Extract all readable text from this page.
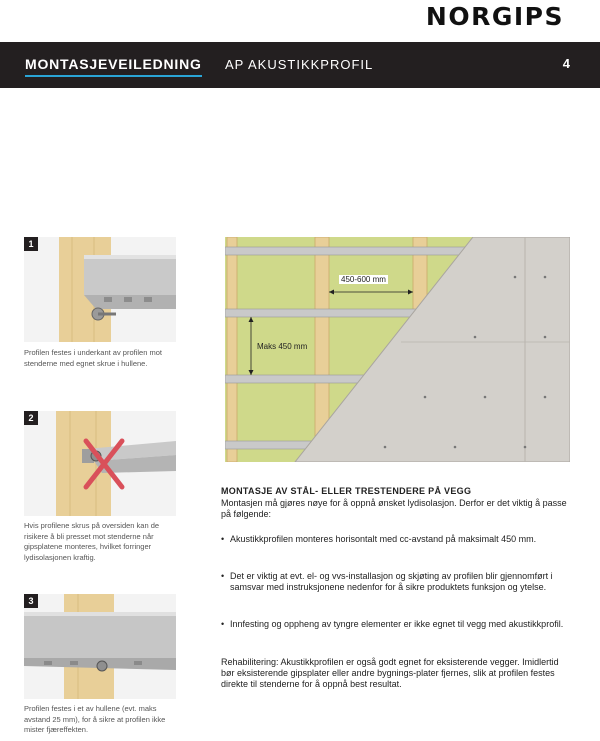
NORGIPS
MONTASJEVEILEDNING AP AKUSTIKKPROFIL	4
1
Profilen festes i underkant av profilen mot stenderne med egnet skrue i hullene.
2
Hvis profilene skrus på oversiden kan de risikere å bli presset mot stenderne når gipsplatene monteres, hvilket forringer lydisolasjonen kraftig.
3
Profilen festes i et av hullene (evt. maks avstand 25 mm), for å sikre at profilen ikke mister fjæreffekten.
450-600 mm
Maks 450 mm
MONTASJE AV STÅL- ELLER TRESTENDERE PÅ VEGG
Montasjen må gjøres nøye for å oppnå ønsket lydisolasjon. Derfor er det viktig å passe på følgende:
• Akustikkprofilen monteres horisontalt med cc-avstand på maksimalt 450 mm.
• Det er viktig at evt. el- og vvs-installasjon og skjøting av profilen blir gjennomført i samsvar med instruksjonene nedenfor for å sikre produktets funksjon og ytelse.
• Innfesting og oppheng av tyngre elementer er ikke egnet til vegg med akustikkprofil.
Rehabilitering: Akustikkprofilen er også godt egnet for eksisterende vegger. Imidlertid bør eksisterende gipsplater eller andre bygnings-plater fjernes, slik at profilen festes direkte til stenderne for å oppnå best resultat.
